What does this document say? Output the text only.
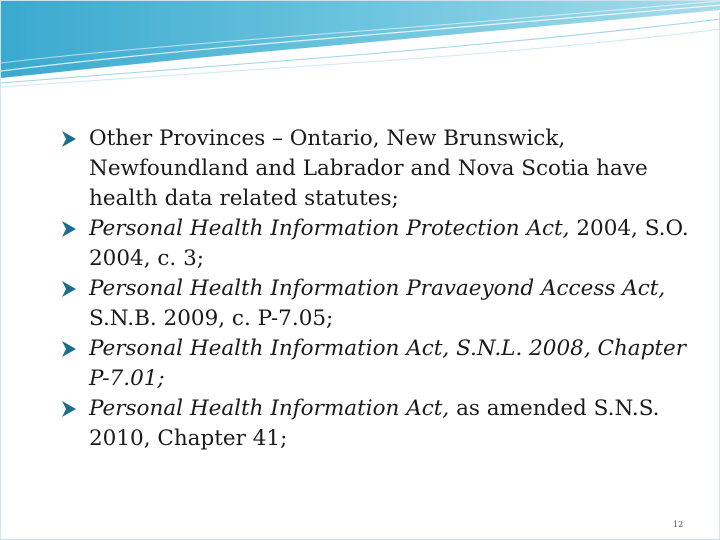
Other Provinces – Ontario, New Brunswick, Newfoundland and Labrador and Nova Scotia have health data related statutes;
Personal Health Information Protection Act, 2004, S.O. 2004, c. 3;
Personal Health Information Pravaeyond Access Act, S.N.B. 2009, c. P-7.05;
Personal Health Information Act, S.N.L. 2008, Chapter P-7.01;
Personal Health Information Act, as amended S.N.S. 2010, Chapter 41;
12
